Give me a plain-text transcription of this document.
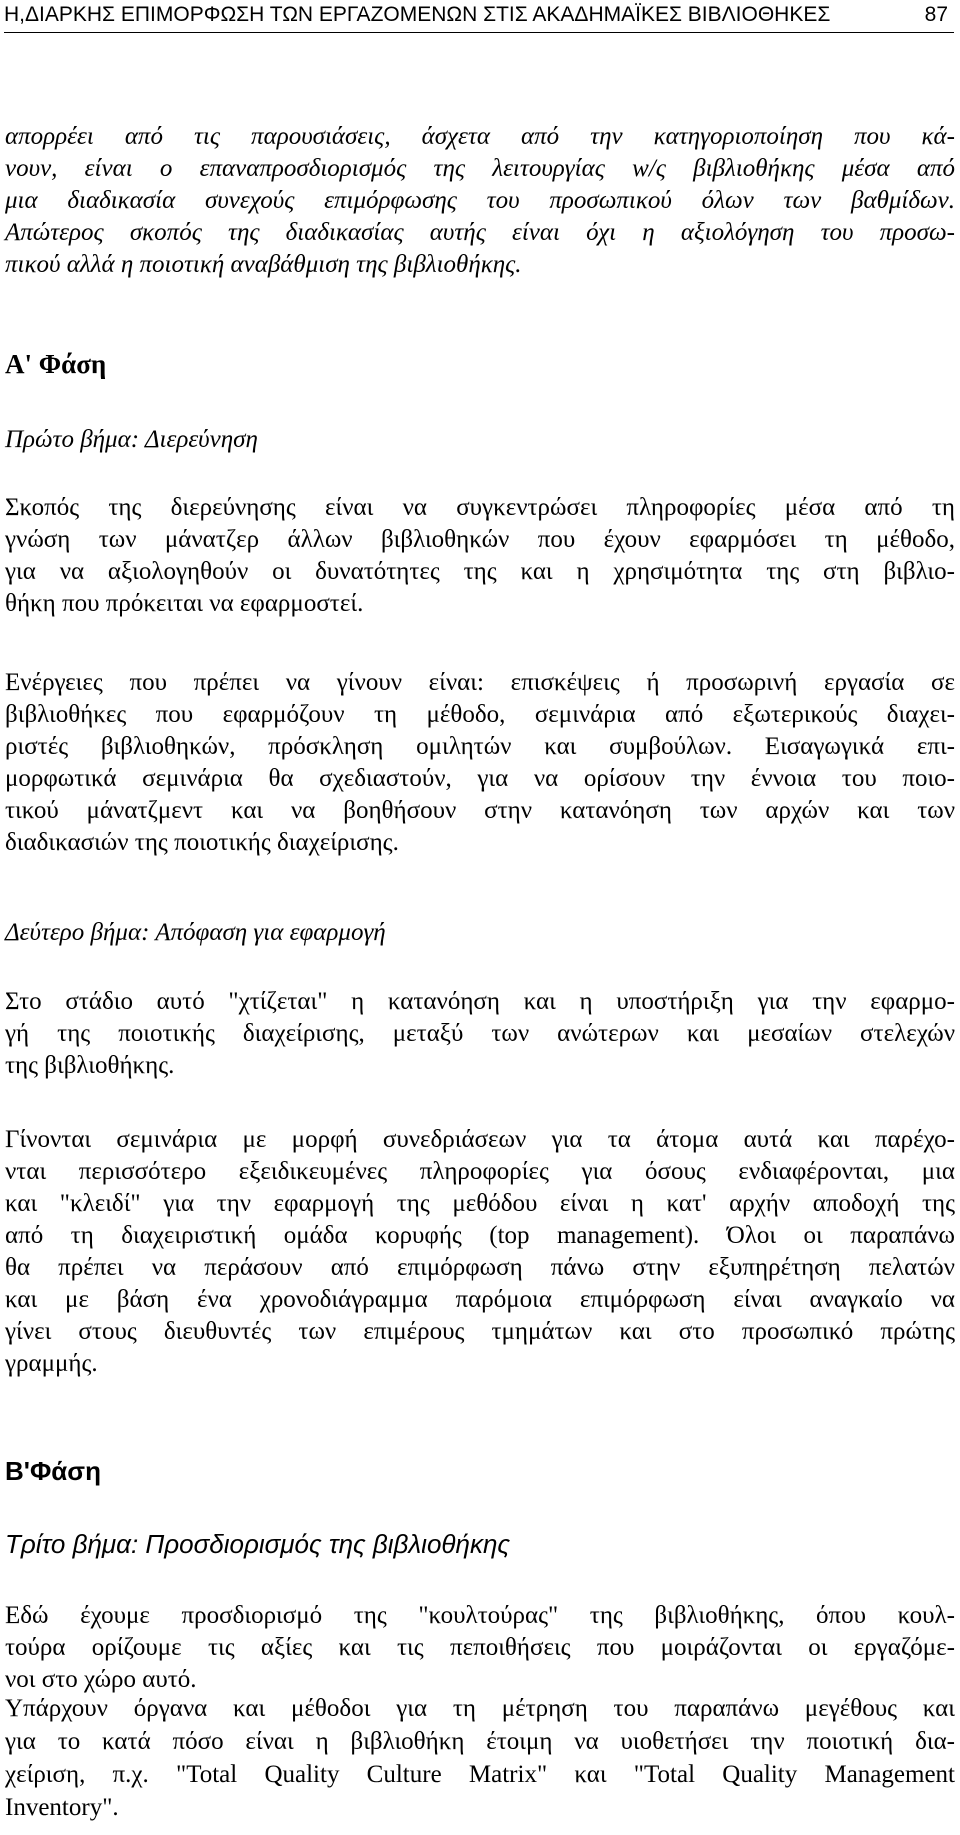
Η,ΔΙΑΡΚΗΣ ΕΠΙΜΟΡΦΩΣΗ ΤΩΝ ΕΡΓΑΖΟΜΕΝΩΝ ΣΤΙΣ ΑΚΑΔΗΜΑΪΚΕΣ ΒΙΒΛΙΟΘΗΚΕΣ	87

απορρέει από τις παρουσιάσεις, άσχετα από την κατηγοριοποίηση που κά-
νουν, είναι ο επαναπροσδιορισμός της λειτουργίας w/ς βιβλιοθήκης μέσα από
μια διαδικασία συνεχούς επιμόρφωσης του προσωπικού όλων των βαθμίδων.
Απώτερος σκοπός της διαδικασίας αυτής είναι όχι η αξιολόγηση του προσω-
πικού αλλά η ποιοτική αναβάθμιση της βιβλιοθήκης.

Α' Φάση

Πρώτο βήμα: Διερεύνηση

Σκοπός της διερεύνησης είναι να συγκεντρώσει πληροφορίες μέσα από τη
γνώση των μάνατζερ άλλων βιβλιοθηκών που έχουν εφαρμόσει τη μέθοδο,
για να αξιολογηθούν οι δυνατότητες της και η χρησιμότητα της στη βιβλιο-
θήκη που πρόκειται να εφαρμοστεί.

Ενέργειες που πρέπει να γίνουν είναι: επισκέψεις ή προσωρινή εργασία σε
βιβλιοθήκες που εφαρμόζουν τη μέθοδο, σεμινάρια από εξωτερικούς διαχει-
ριστές βιβλιοθηκών, πρόσκληση ομιλητών και συμβούλων. Εισαγωγικά επι-
μορφωτικά σεμινάρια θα σχεδιαστούν, για να ορίσουν την έννοια του ποιο-
τικού μάνατζμεντ και να βοηθήσουν στην κατανόηση των αρχών και των
διαδικασιών της ποιοτικής διαχείρισης.

Δεύτερο βήμα: Απόφαση για εφαρμογή

Στο στάδιο αυτό "χτίζεται" η κατανόηση και η υποστήριξη για την εφαρμο-
γή της ποιοτικής διαχείρισης, μεταξύ των ανώτερων και μεσαίων στελεχών
της βιβλιοθήκης.

Γίνονται σεμινάρια με μορφή συνεδριάσεων για τα άτομα αυτά και παρέχο-
νται περισσότερο εξειδικευμένες πληροφορίες για όσους ενδιαφέρονται, μια
και "κλειδί" για την εφαρμογή της μεθόδου είναι η κατ' αρχήν αποδοχή της
από τη διαχειριστική ομάδα κορυφής (top management). Όλοι οι παραπάνω
θα πρέπει να περάσουν από επιμόρφωση πάνω στην εξυπηρέτηση πελατών
και με βάση ένα χρονοδιάγραμμα παρόμοια επιμόρφωση είναι αναγκαίο να
γίνει στους διευθυντές των επιμέρους τμημάτων και στο προσωπικό πρώτης
γραμμής.

Β'Φάση

Τρίτο βήμα: Προσδιορισμός της βιβλιοθήκης

Εδώ έχουμε προσδιορισμό της "κουλτούρας" της βιβλιοθήκης, όπου κουλ-
τούρα ορίζουμε τις αξίες και τις πεποιθήσεις που μοιράζονται οι εργαζόμε-
νοι στο χώρο αυτό.

Υπάρχουν όργανα και μέθοδοι για τη μέτρηση του παραπάνω μεγέθους και
για το κατά πόσο είναι η βιβλιοθήκη έτοιμη να υιοθετήσει την ποιοτική δια-
χείριση, π.χ. "Total Quality Culture Matrix" και "Total Quality Management
Inventory".
